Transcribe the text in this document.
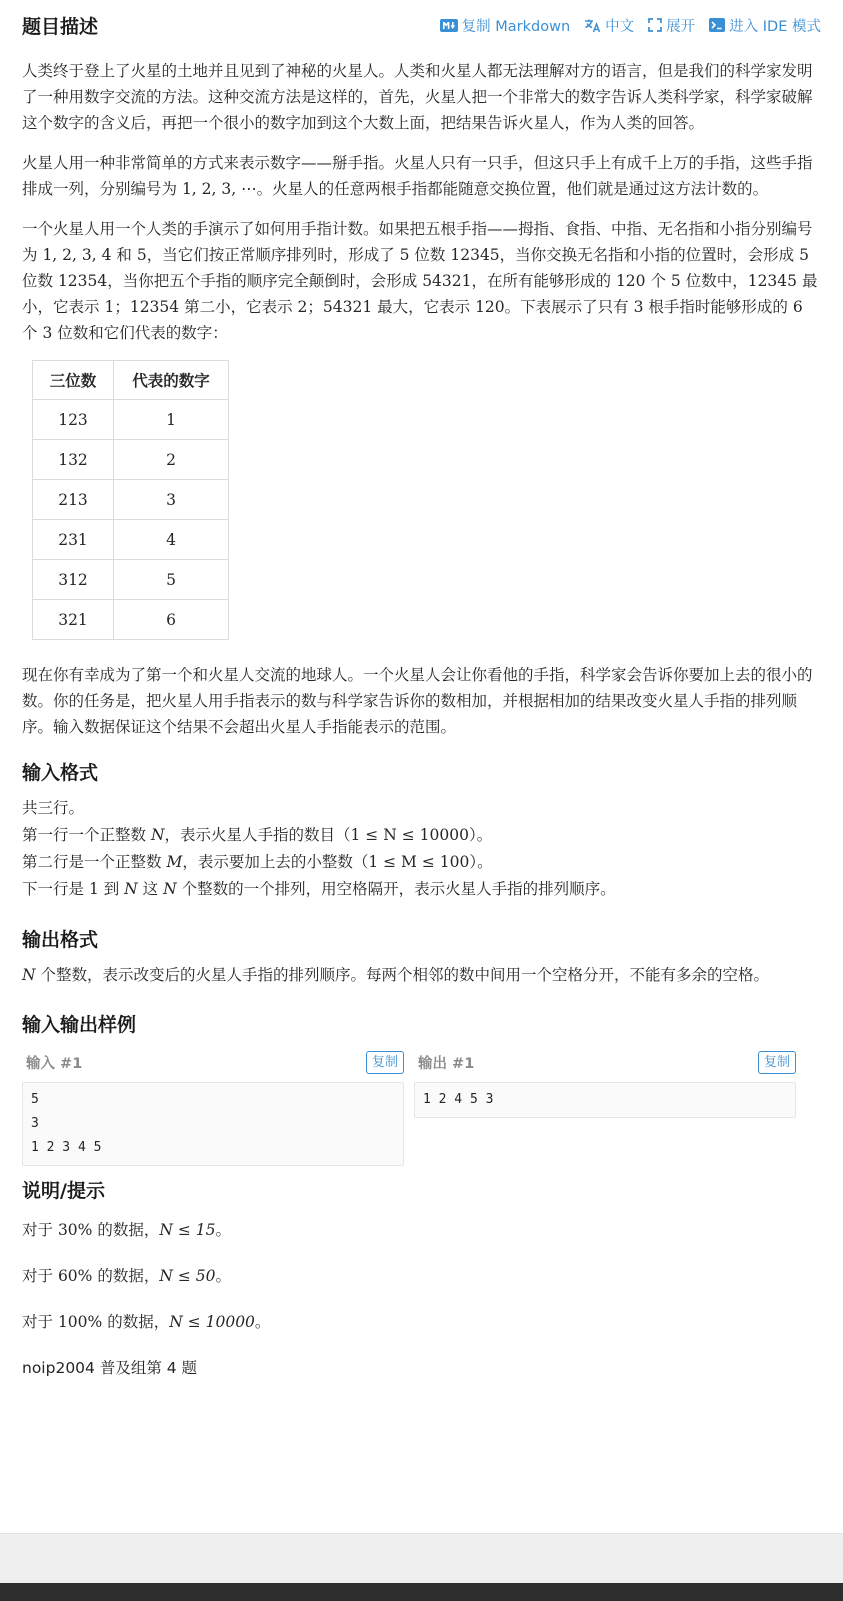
题目描述	复制 Markdown 中文 展开 进入 IDE 模式

人类终于登上了火星的土地并且见到了神秘的火星人。人类和火星人都无法理解对方的语言，但是我们的科学家发明了一种用数字交流的方法。这种交流方法是这样的，首先，火星人把一个非常大的数字告诉人类科学家，科学家破解这个数字的含义后，再把一个很小的数字加到这个大数上面，把结果告诉火星人，作为人类的回答。

火星人用一种非常简单的方式来表示数字——掰手指。火星人只有一只手，但这只手上有成千上万的手指，这些手指排成一列，分别编号为 1, 2, 3, ⋯。火星人的任意两根手指都能随意交换位置，他们就是通过这方法计数的。

一个火星人用一个人类的手演示了如何用手指计数。如果把五根手指——拇指、食指、中指、无名指和小指分别编号为 1, 2, 3, 4 和 5，当它们按正常顺序排列时，形成了 5 位数 12345，当你交换无名指和小指的位置时，会形成 5 位数 12354，当你把五个手指的顺序完全颠倒时，会形成 54321，在所有能够形成的 120 个 5 位数中，12345 最小，它表示 1；12354 第二小，它表示 2；54321 最大，它表示 120。下表展示了只有 3 根手指时能够形成的 6 个 3 位数和它们代表的数字：

三位数	代表的数字
123	1
132	2
213	3
231	4
312	5
321	6

现在你有幸成为了第一个和火星人交流的地球人。一个火星人会让你看他的手指，科学家会告诉你要加上去的很小的数。你的任务是，把火星人用手指表示的数与科学家告诉你的数相加，并根据相加的结果改变火星人手指的排列顺序。输入数据保证这个结果不会超出火星人手指能表示的范围。

输入格式
共三行。
第一行一个正整数 N，表示火星人手指的数目（1 ≤ N ≤ 10000）。
第二行是一个正整数 M，表示要加上去的小整数（1 ≤ M ≤ 100）。
下一行是 1 到 N 这 N 个整数的一个排列，用空格隔开，表示火星人手指的排列顺序。
输出格式

N 个整数，表示改变后的火星人手指的排列顺序。每两个相邻的数中间用一个空格分开，不能有多余的空格。

输入输出样例
输入 #1	复制
5
3
1 2 3 4 5
输出 #1	复制
1 2 4 5 3
说明/提示

对于 30% 的数据，N ≤ 15。

对于 60% 的数据，N ≤ 50。

对于 100% 的数据，N ≤ 10000。

noip2004 普及组第 4 题
